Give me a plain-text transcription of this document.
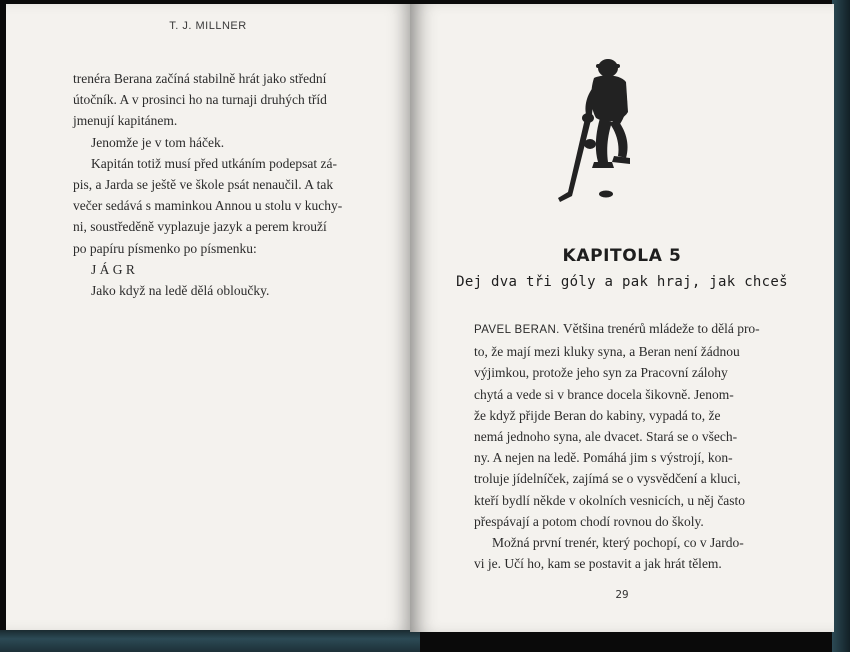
T. J. MILLNER

trenéra Berana začíná stabilně hrát jako střední

útočník. A v prosinci ho na turnaji druhých tříd

jmenují kapitánem.

Jenomže je v tom háček.

Kapitán totiž musí před utkáním podepsat zá-

pis, a Jarda se ještě ve škole psát nenaučil. A tak

večer sedává s maminkou Annou u stolu v kuchy-

ni, soustředěně vyplazuje jazyk a perem krouží

po papíru písmenko po písmenku:

J Á G R

Jako když na ledě dělá obloučky.

KAPITOLA 5
Dej dva tři góly a pak hraj, jak chceš

PAVEL BERAN. Většina trenérů mládeže to dělá pro-

to, že mají mezi kluky syna, a Beran není žádnou

výjimkou, protože jeho syn za Pracovní zálohy

chytá a vede si v brance docela šikovně. Jenom-

že když přijde Beran do kabiny, vypadá to, že

nemá jednoho syna, ale dvacet. Stará se o všech-

ny. A nejen na ledě. Pomáhá jim s výstrojí, kon-

troluje jídelníček, zajímá se o vysvědčení a kluci,

kteří bydlí někde v okolních vesnicích, u něj často

přespávají a potom chodí rovnou do školy.

Možná první trenér, který pochopí, co v Jardo-

vi je. Učí ho, kam se postavit a jak hrát tělem.

29
